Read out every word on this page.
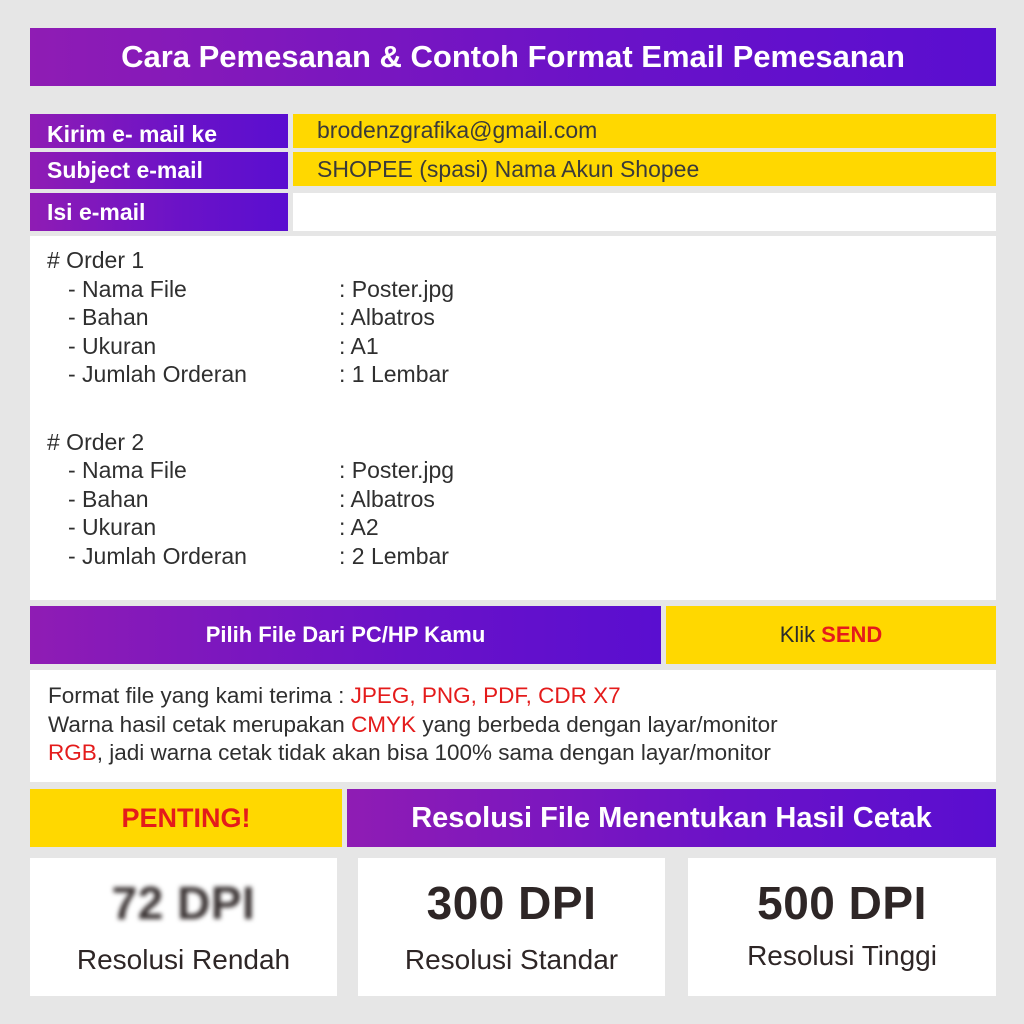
Cara Pemesanan & Contoh Format Email Pemesanan
Kirim e- mail ke	brodenzgrafika@gmail.com
Subject e-mail	SHOPEE (spasi) Nama Akun Shopee
Isi e-mail
# Order 1
- Nama File	: Poster.jpg
- Bahan	: Albatros
- Ukuran	: A1
- Jumlah Orderan	: 1 Lembar
# Order 2
- Nama File	: Poster.jpg
- Bahan	: Albatros
- Ukuran	: A2
- Jumlah Orderan	: 2 Lembar
Pilih File Dari PC/HP Kamu	Klik SEND
Format file yang kami terima : JPEG, PNG, PDF, CDR X7
Warna hasil cetak merupakan CMYK yang berbeda dengan layar/monitor
RGB, jadi warna cetak tidak akan bisa 100% sama dengan layar/monitor
PENTING!	Resolusi File Menentukan Hasil Cetak
72 DPI
Resolusi Rendah
300 DPI
Resolusi Standar
500 DPI
Resolusi Tinggi
